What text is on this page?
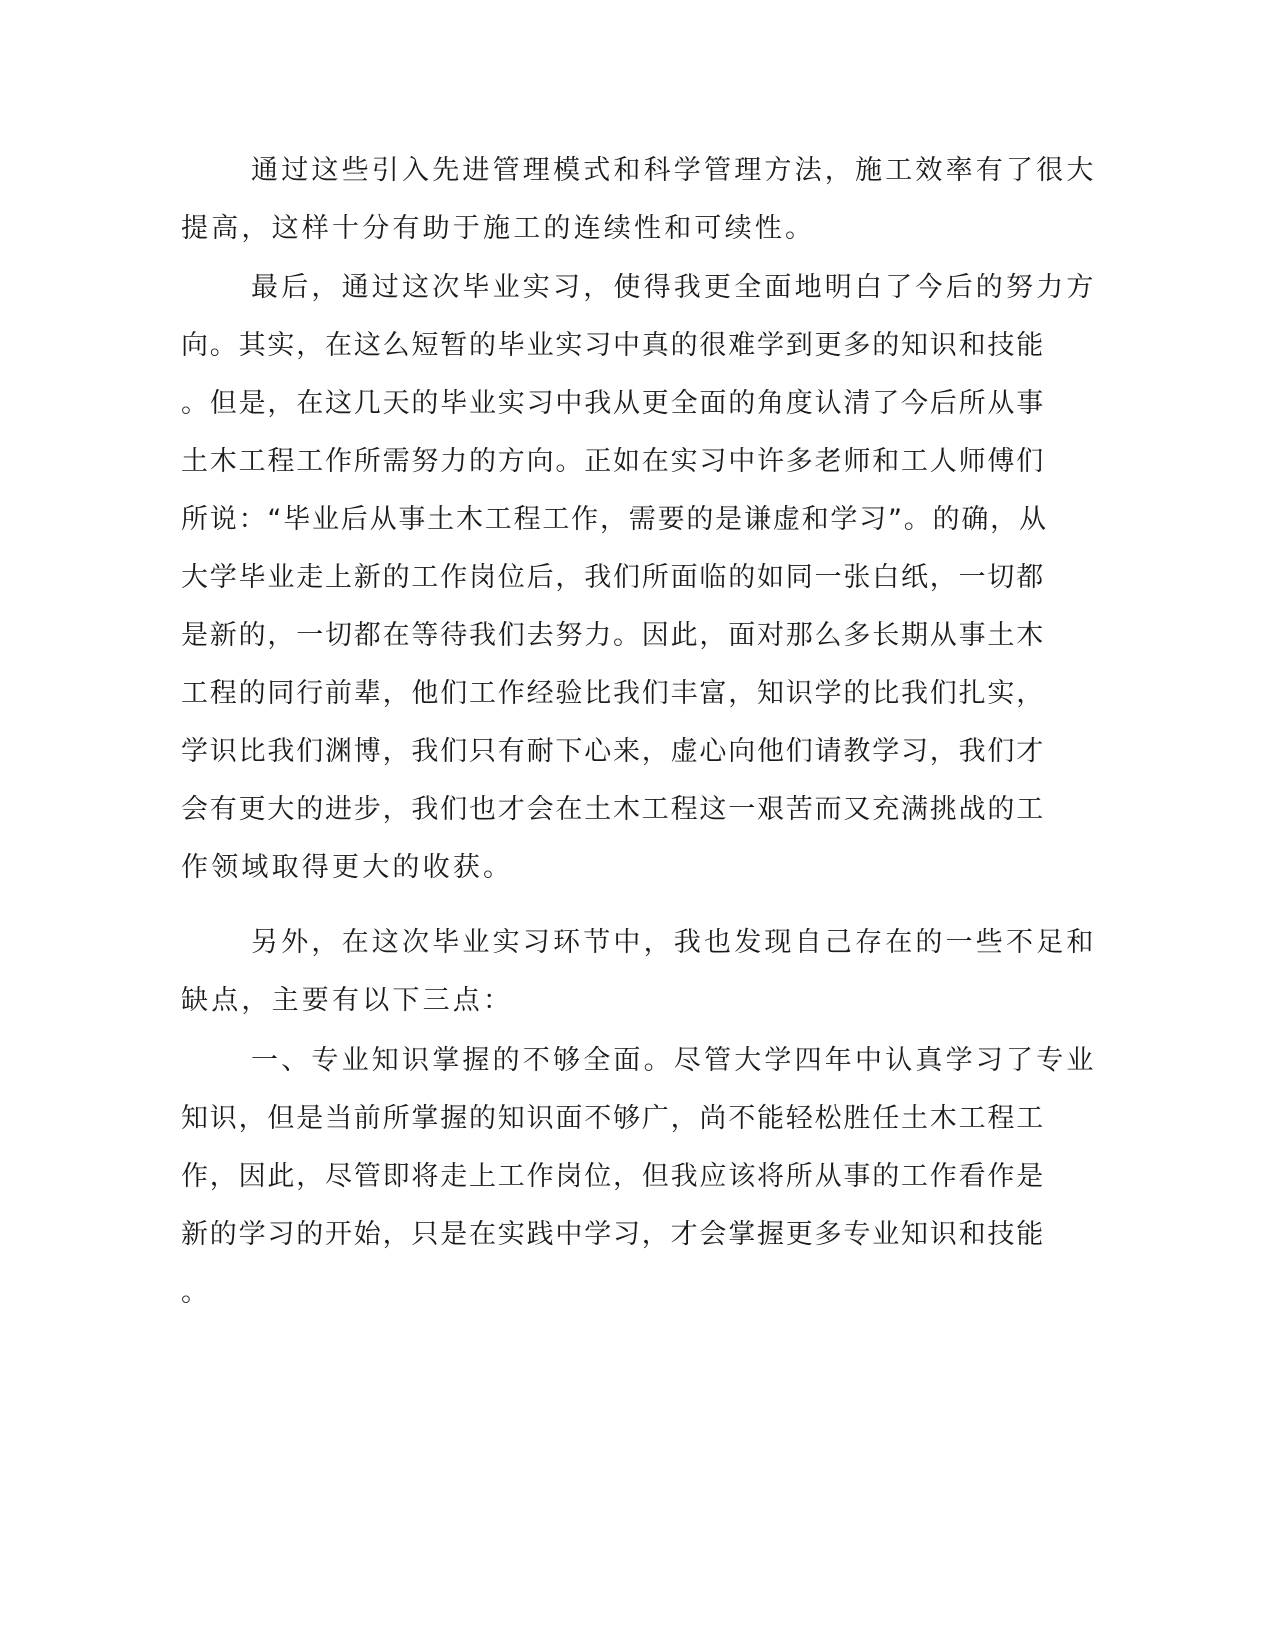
通过这些引入先进管理模式和科学管理方法，施工效率有了很大
提高，这样十分有助于施工的连续性和可续性。
最后，通过这次毕业实习，使得我更全面地明白了今后的努力方
向。其实，在这么短暂的毕业实习中真的很难学到更多的知识和技能
。但是，在这几天的毕业实习中我从更全面的角度认清了今后所从事
土木工程工作所需努力的方向。正如在实习中许多老师和工人师傅们
所说：“毕业后从事土木工程工作，需要的是谦虚和学习”。的确，从
大学毕业走上新的工作岗位后，我们所面临的如同一张白纸，一切都
是新的，一切都在等待我们去努力。因此，面对那么多长期从事土木
工程的同行前辈，他们工作经验比我们丰富，知识学的比我们扎实，
学识比我们渊博，我们只有耐下心来，虚心向他们请教学习，我们才
会有更大的进步，我们也才会在土木工程这一艰苦而又充满挑战的工
作领域取得更大的收获。
另外，在这次毕业实习环节中，我也发现自己存在的一些不足和
缺点，主要有以下三点：
一、专业知识掌握的不够全面。尽管大学四年中认真学习了专业
知识，但是当前所掌握的知识面不够广，尚不能轻松胜任土木工程工
作，因此，尽管即将走上工作岗位，但我应该将所从事的工作看作是
新的学习的开始，只是在实践中学习，才会掌握更多专业知识和技能
。
